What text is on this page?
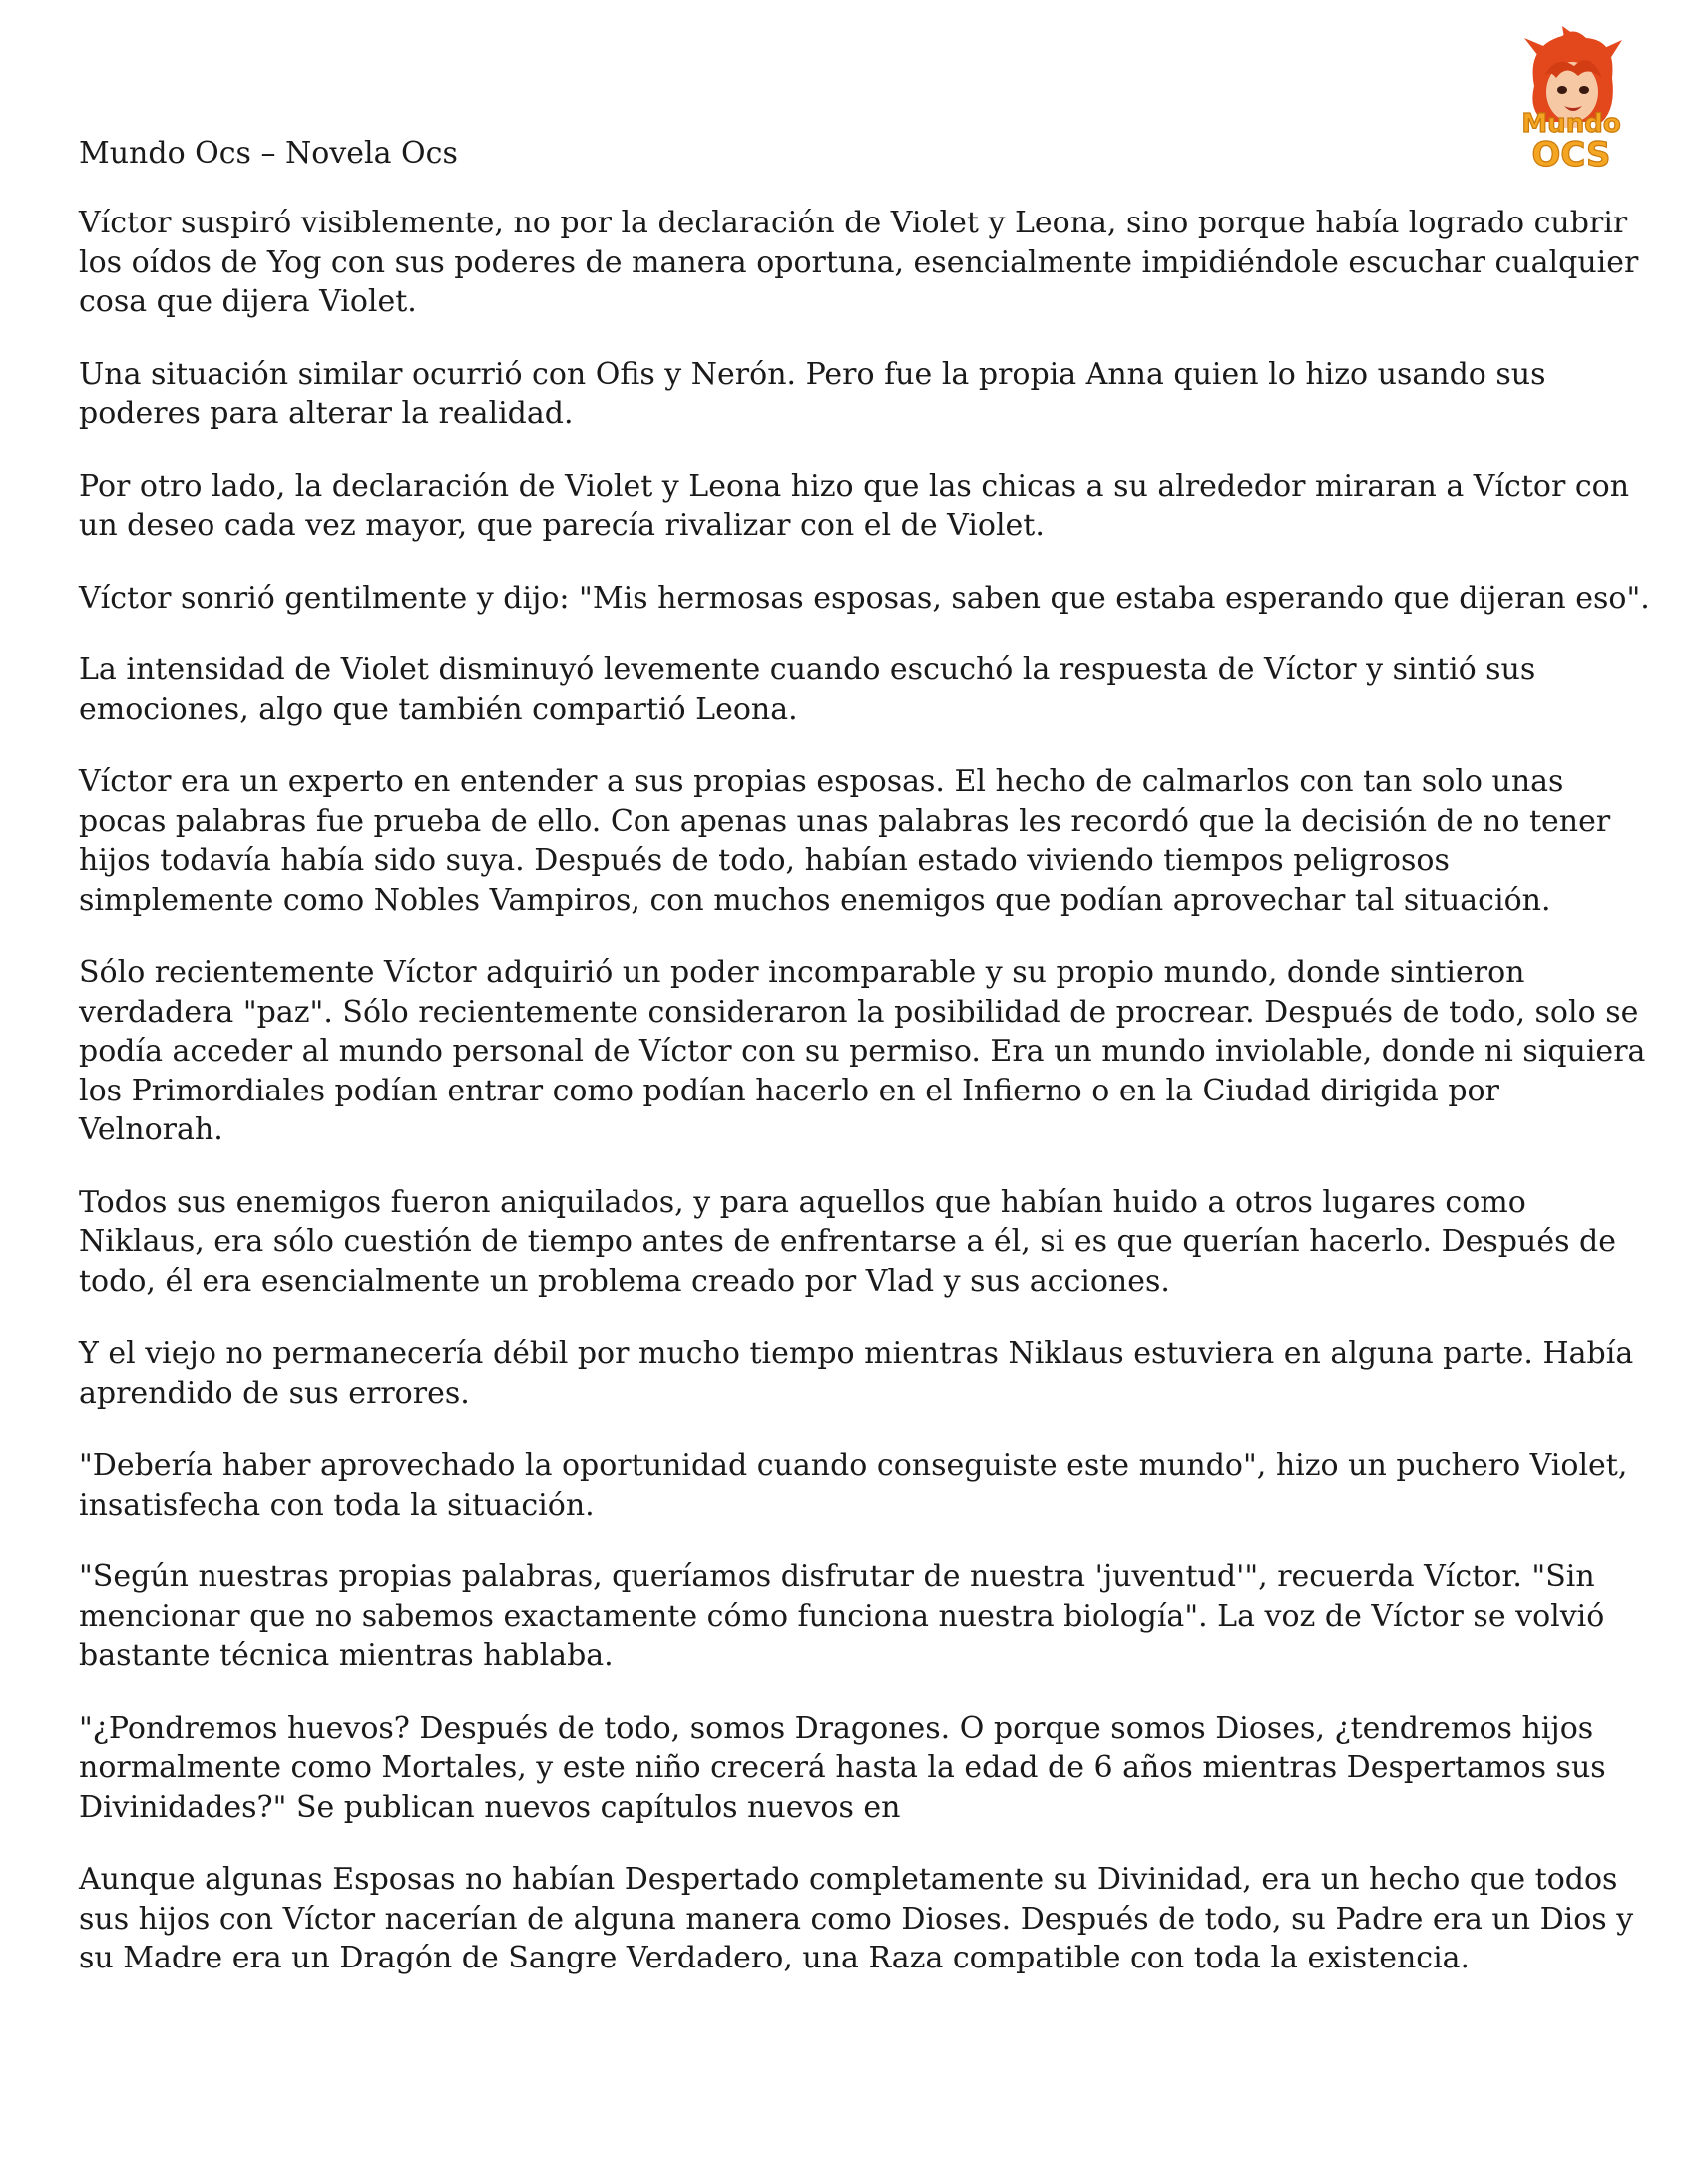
Mundo
OCS

Mundo Ocs – Novela Ocs

Víctor suspiró visiblemente, no por la declaración de Violet y Leona, sino porque había logrado cubrir los oídos de Yog con sus poderes de manera oportuna, esencialmente impidiéndole escuchar cualquier cosa que dijera Violet.

Una situación similar ocurrió con Ofis y Nerón. Pero fue la propia Anna quien lo hizo usando sus poderes para alterar la realidad.

Por otro lado, la declaración de Violet y Leona hizo que las chicas a su alrededor miraran a Víctor con un deseo cada vez mayor, que parecía rivalizar con el de Violet.

Víctor sonrió gentilmente y dijo: "Mis hermosas esposas, saben que estaba esperando que dijeran eso".

La intensidad de Violet disminuyó levemente cuando escuchó la respuesta de Víctor y sintió sus emociones, algo que también compartió Leona.

Víctor era un experto en entender a sus propias esposas. El hecho de calmarlos con tan solo unas pocas palabras fue prueba de ello. Con apenas unas palabras les recordó que la decisión de no tener hijos todavía había sido suya. Después de todo, habían estado viviendo tiempos peligrosos simplemente como Nobles Vampiros, con muchos enemigos que podían aprovechar tal situación.

Sólo recientemente Víctor adquirió un poder incomparable y su propio mundo, donde sintieron verdadera "paz". Sólo recientemente consideraron la posibilidad de procrear. Después de todo, solo se podía acceder al mundo personal de Víctor con su permiso. Era un mundo inviolable, donde ni siquiera los Primordiales podían entrar como podían hacerlo en el Infierno o en la Ciudad dirigida por Velnorah.

Todos sus enemigos fueron aniquilados, y para aquellos que habían huido a otros lugares como Niklaus, era sólo cuestión de tiempo antes de enfrentarse a él, si es que querían hacerlo. Después de todo, él era esencialmente un problema creado por Vlad y sus acciones.

Y el viejo no permanecería débil por mucho tiempo mientras Niklaus estuviera en alguna parte. Había aprendido de sus errores.

"Debería haber aprovechado la oportunidad cuando conseguiste este mundo", hizo un puchero Violet, insatisfecha con toda la situación.

"Según nuestras propias palabras, queríamos disfrutar de nuestra 'juventud'", recuerda Víctor. "Sin mencionar que no sabemos exactamente cómo funciona nuestra biología". La voz de Víctor se volvió bastante técnica mientras hablaba.

"¿Pondremos huevos? Después de todo, somos Dragones. O porque somos Dioses, ¿tendremos hijos normalmente como Mortales, y este niño crecerá hasta la edad de 6 años mientras Despertamos sus Divinidades?" Se publican nuevos capítulos nuevos en

Aunque algunas Esposas no habían Despertado completamente su Divinidad, era un hecho que todos sus hijos con Víctor nacerían de alguna manera como Dioses. Después de todo, su Padre era un Dios y su Madre era un Dragón de Sangre Verdadero, una Raza compatible con toda la existencia.
